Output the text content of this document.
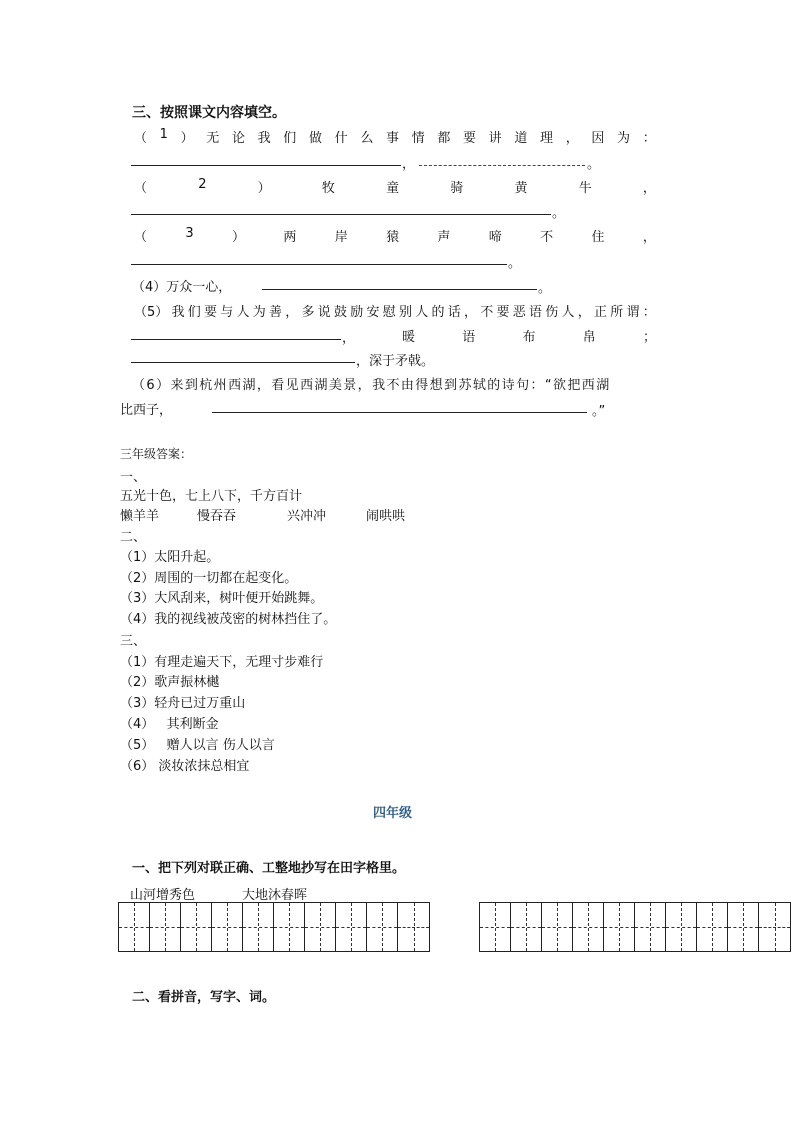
三、按照课文内容填空。
（ 1 ） 无 论 我 们 做 什 么 事 情 都 要 讲 道 理 ， 因 为 ：
，	。
（	2	）	牧	童	骑	黄	牛	，
。
（	3	）	两	岸	猿	声	啼	不	住	，
。
（4）万众一心，	。
（5） 我 们 要 与 人 为 善 ， 多 说 鼓 励 安 慰 别 人 的 话 ， 不 要 恶 语 伤 人 ， 正 所 谓 ：
，	暖	语	布	帛	；
，深于矛戟。
（6）来到杭州西湖，看见西湖美景，我不由得想到苏轼的诗句：“欲把西湖
比西子，	。”
三年级答案：
一、
五光十色，七上八下，千方百计
懒羊羊	慢吞吞	兴冲冲	闹哄哄
二、
（1）太阳升起。
（2）周围的一切都在起变化。
（3）大风刮来，树叶便开始跳舞。
（4）我的视线被茂密的树林挡住了。
三、
（1）有理走遍天下，无理寸步难行
（2）歌声振林樾
（3）轻舟已过万重山
（4）   其利断金
（5）   赠人以言 伤人以言
（6） 淡妆浓抹总相宜
四年级
一、把下列对联正确、工整地抄写在田字格里。
山河增秀色	大地沐春晖
二、看拼音，写字、词。
